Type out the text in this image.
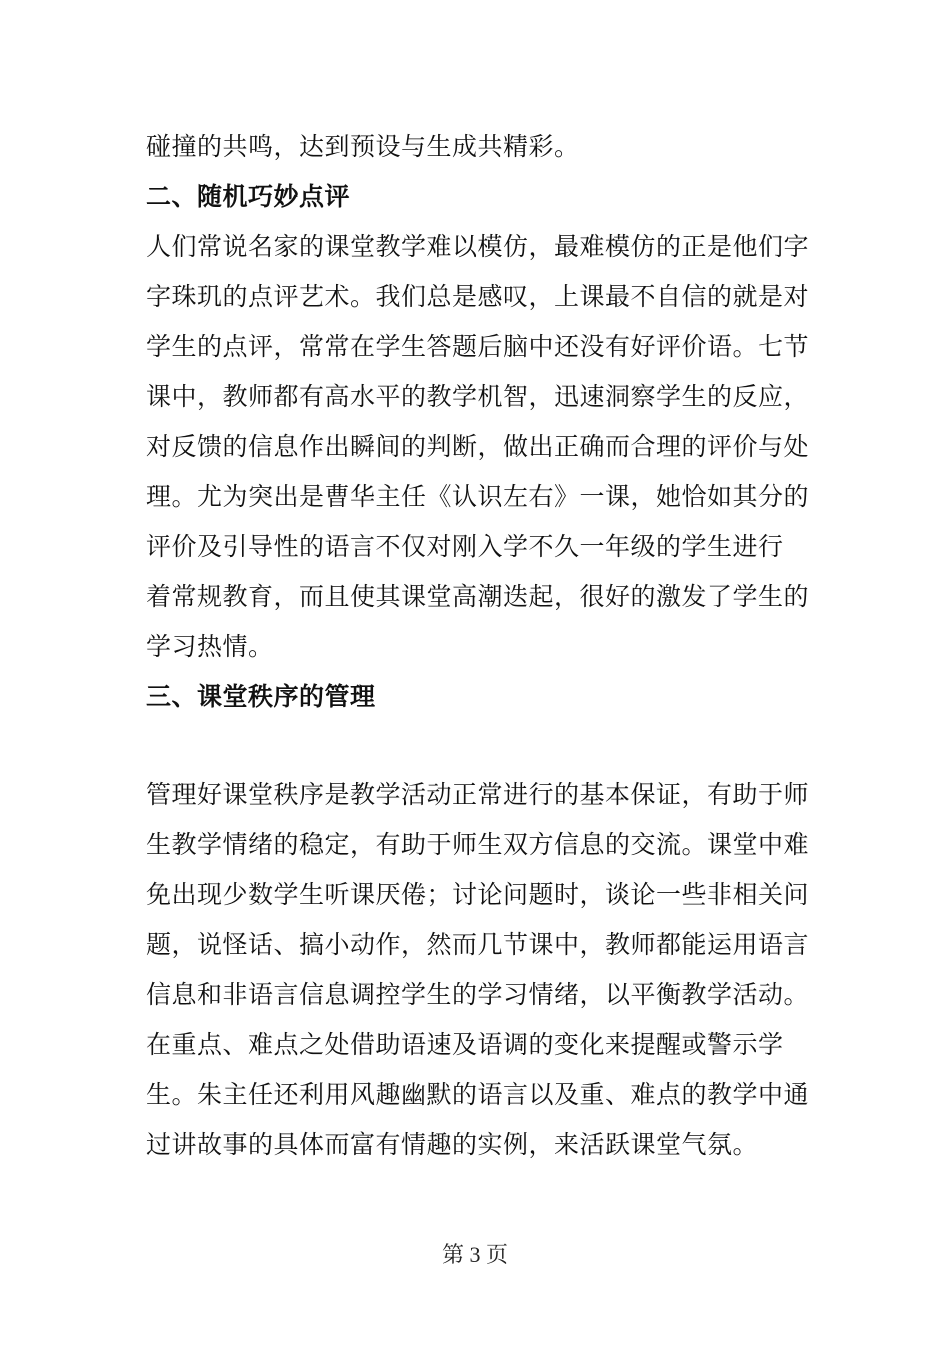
碰撞的共鸣，达到预设与生成共精彩。
二、随机巧妙点评
人们常说名家的课堂教学难以模仿，最难模仿的正是他们字
字珠玑的点评艺术。我们总是感叹，上课最不自信的就是对
学生的点评，常常在学生答题后脑中还没有好评价语。七节
课中，教师都有高水平的教学机智，迅速洞察学生的反应，
对反馈的信息作出瞬间的判断，做出正确而合理的评价与处
理。尤为突出是曹华主任《认识左右》一课，她恰如其分的
评价及引导性的语言不仅对刚入学不久一年级的学生进行
着常规教育，而且使其课堂高潮迭起，很好的激发了学生的
学习热情。
三、课堂秩序的管理
管理好课堂秩序是教学活动正常进行的基本保证，有助于师
生教学情绪的稳定，有助于师生双方信息的交流。课堂中难
免出现少数学生听课厌倦；讨论问题时，谈论一些非相关问
题，说怪话、搞小动作，然而几节课中，教师都能运用语言
信息和非语言信息调控学生的学习情绪，以平衡教学活动。
在重点、难点之处借助语速及语调的变化来提醒或警示学
生。朱主任还利用风趣幽默的语言以及重、难点的教学中通
过讲故事的具体而富有情趣的实例，来活跃课堂气氛。
第 3 页
